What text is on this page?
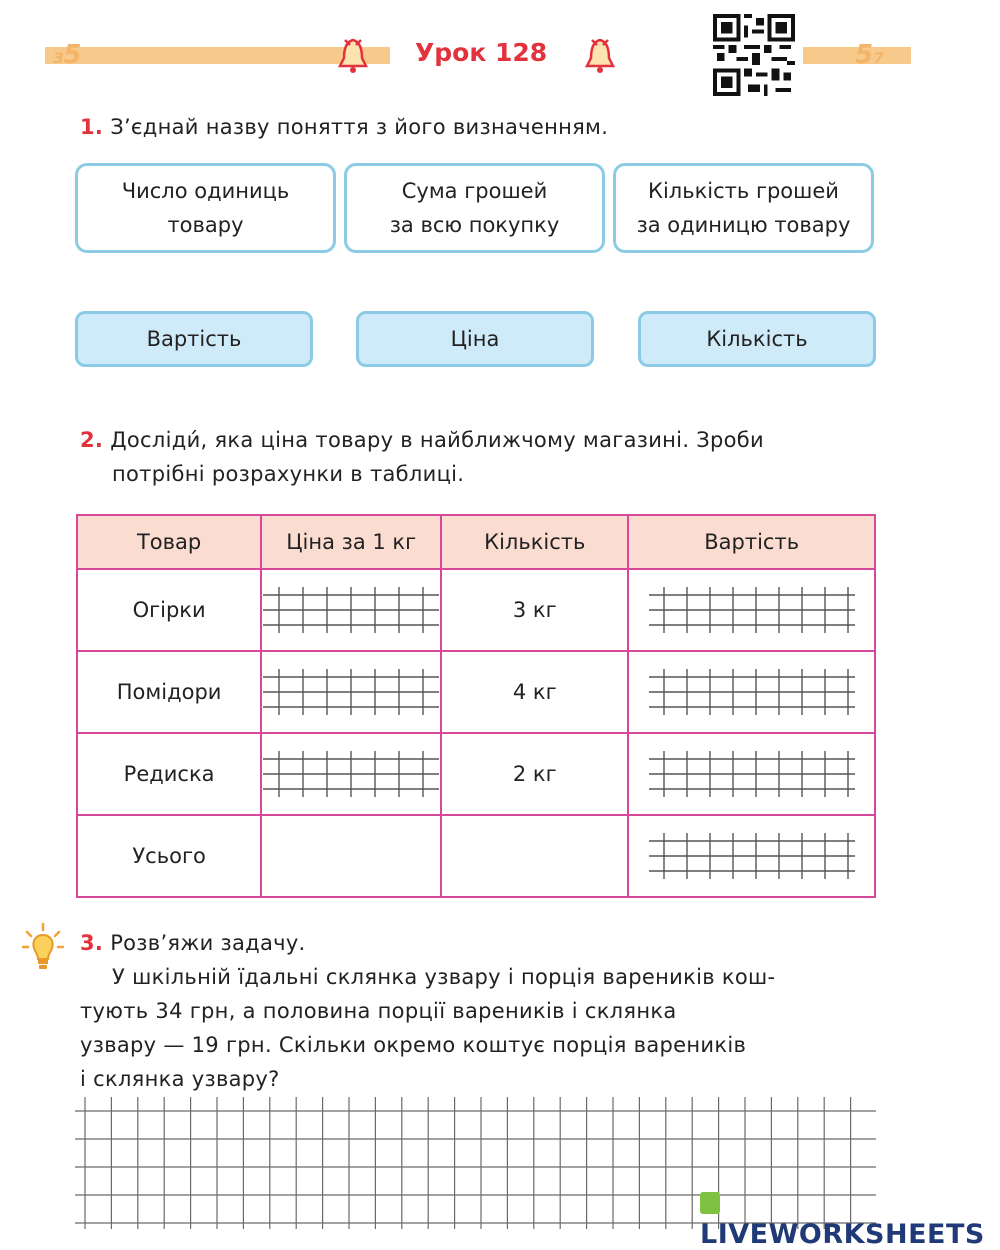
₃5	5₇
Урок 128
1. З’єднай назву поняття з його визначенням.
Число одиниць
товару
Сума грошей
за всю покупку
Кількість грошей
за одиницю товару
Вартість	Ціна	Кількість
2. Досліди́, яка ціна товару в найближчому магазині. Зроби
потрібні розрахунки в таблиці.
Товар	Ціна за 1 кг	Кількість	Вартість
Огірки		3 кг	

Помідори		4 кг	

Редиска		2 кг	

Усього			
3. Розв’яжи задачу.
У шкільній їдальні склянка узвару і порція вареників кош-
тують 34 грн, а половина порції вареників і склянка
узвару — 19 грн. Скільки окремо коштує порція вареників
і склянка узвару?
LIVEWORKSHEETS
